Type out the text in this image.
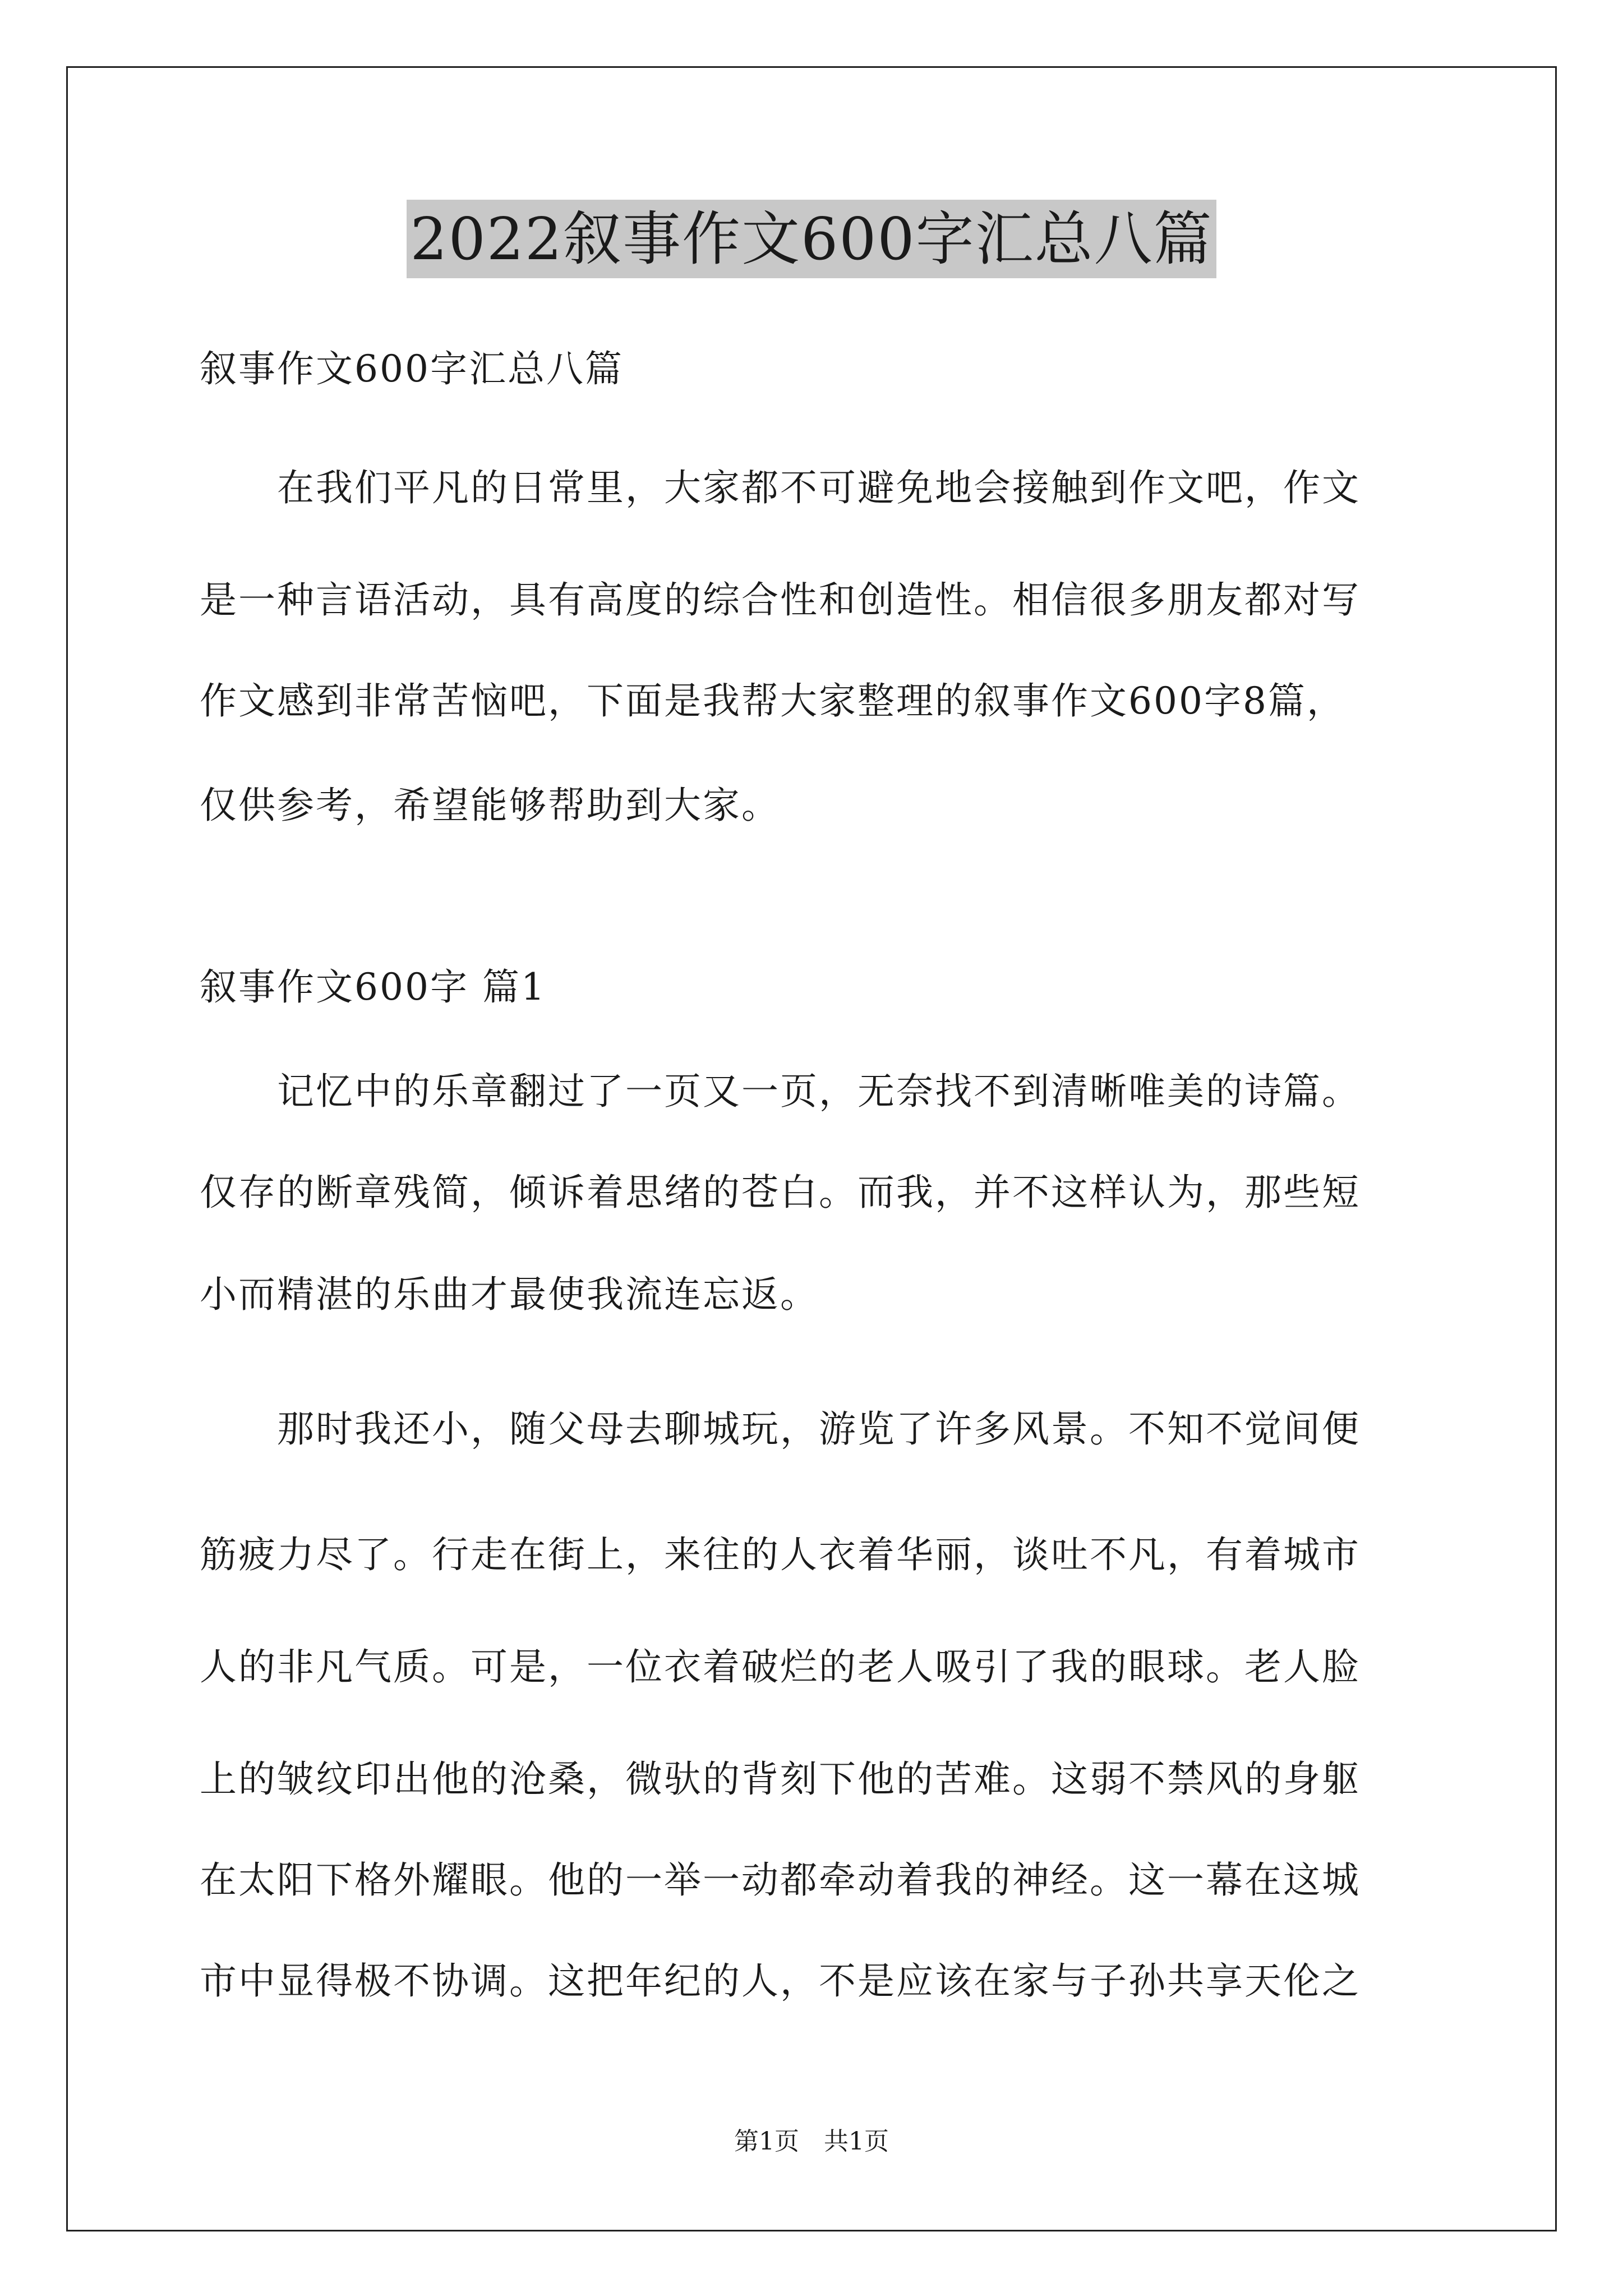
2022叙事作文600字汇总八篇
叙事作文600字汇总八篇
　　在我们平凡的日常里，大家都不可避免地会接触到作文吧，作文
是一种言语活动，具有高度的综合性和创造性。相信很多朋友都对写
作文感到非常苦恼吧，下面是我帮大家整理的叙事作文600字8篇，
仅供参考，希望能够帮助到大家。
叙事作文600字 篇1
　　记忆中的乐章翻过了一页又一页，无奈找不到清晰唯美的诗篇。
仅存的断章残简，倾诉着思绪的苍白。而我，并不这样认为，那些短
小而精湛的乐曲才最使我流连忘返。
　　那时我还小，随父母去聊城玩，游览了许多风景。不知不觉间便
筋疲力尽了。行走在街上，来往的人衣着华丽，谈吐不凡，有着城市
人的非凡气质。可是，一位衣着破烂的老人吸引了我的眼球。老人脸
上的皱纹印出他的沧桑，微驮的背刻下他的苦难。这弱不禁风的身躯
在太阳下格外耀眼。他的一举一动都牵动着我的神经。这一幕在这城
市中显得极不协调。这把年纪的人，不是应该在家与子孙共享天伦之
第1页　共1页
